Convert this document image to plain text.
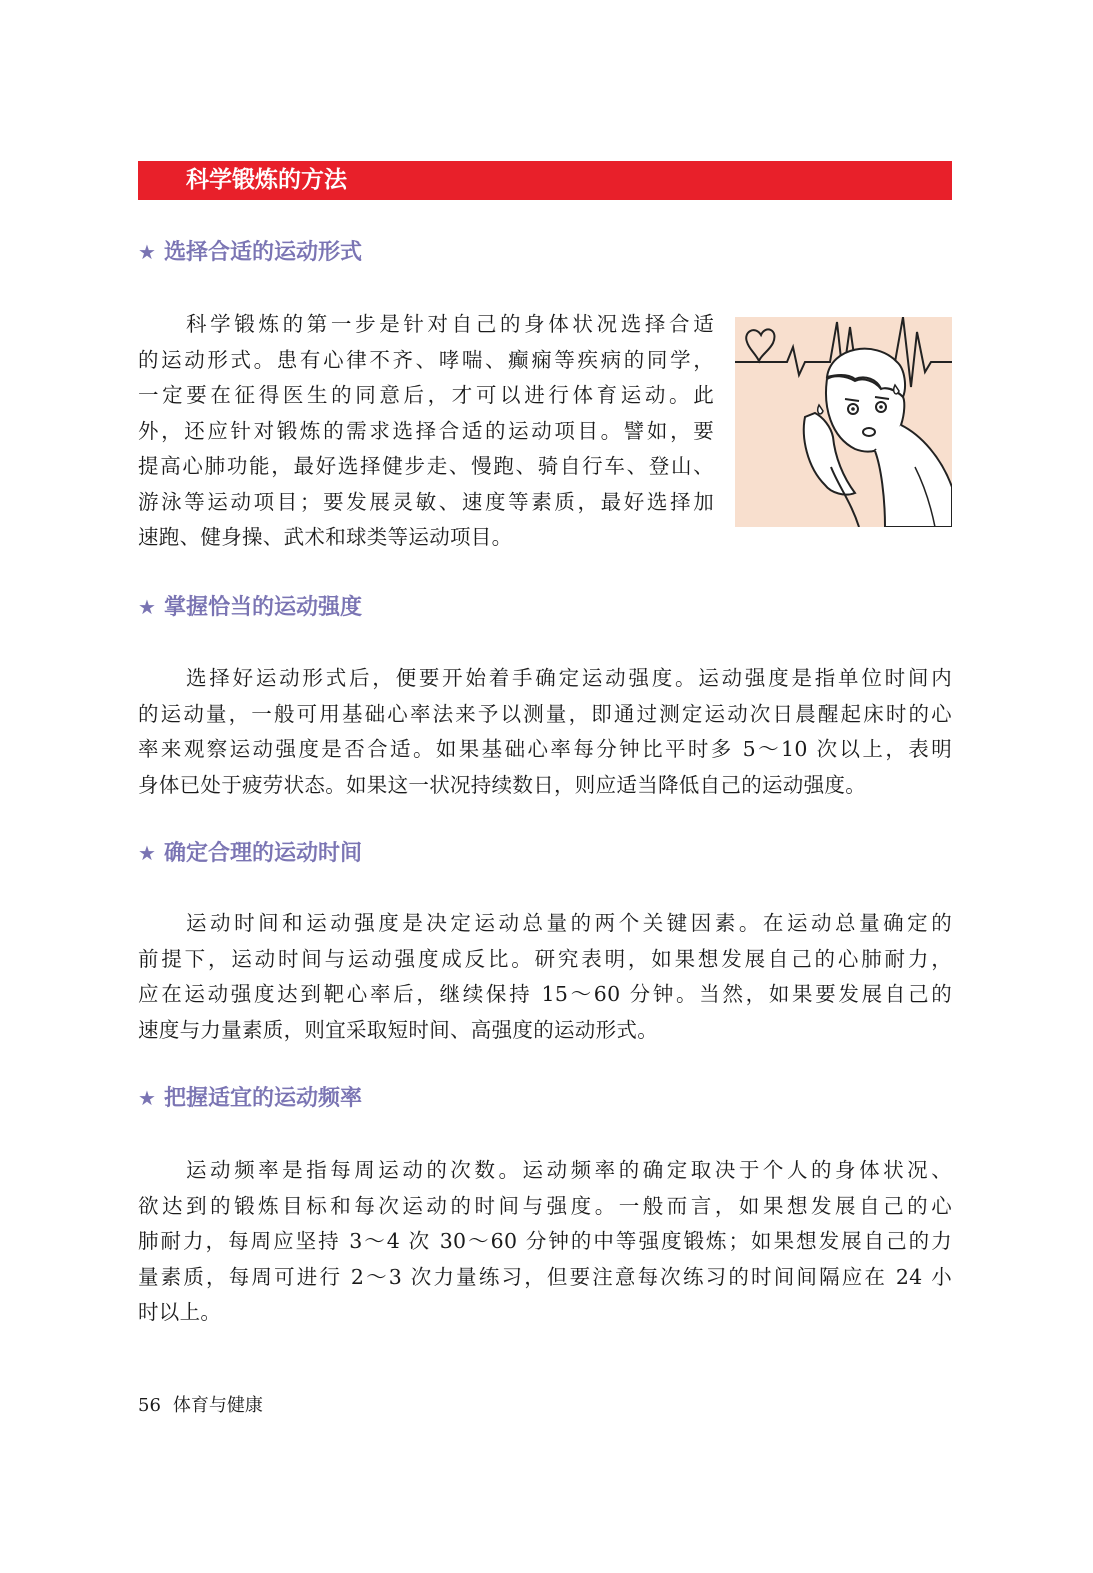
科学锻炼的方法
★ 选择合适的运动形式
科学锻炼的第一步是针对自己的身体状况选择合适
的运动形式。患有心律不齐、哮喘、癫痫等疾病的同学，
一定要在征得医生的同意后，才可以进行体育运动。此
外，还应针对锻炼的需求选择合适的运动项目。譬如，要
提高心肺功能，最好选择健步走、慢跑、骑自行车、登山、
游泳等运动项目；要发展灵敏、速度等素质，最好选择加
速跑、健身操、武术和球类等运动项目。
★ 掌握恰当的运动强度
选择好运动形式后，便要开始着手确定运动强度。运动强度是指单位时间内
的运动量，一般可用基础心率法来予以测量，即通过测定运动次日晨醒起床时的心
率来观察运动强度是否合适。如果基础心率每分钟比平时多 5～10 次以上，表明
身体已处于疲劳状态。如果这一状况持续数日，则应适当降低自己的运动强度。
★ 确定合理的运动时间
运动时间和运动强度是决定运动总量的两个关键因素。在运动总量确定的
前提下，运动时间与运动强度成反比。研究表明，如果想发展自己的心肺耐力，
应在运动强度达到靶心率后，继续保持 15～60 分钟。当然，如果要发展自己的
速度与力量素质，则宜采取短时间、高强度的运动形式。
★ 把握适宜的运动频率
运动频率是指每周运动的次数。运动频率的确定取决于个人的身体状况、
欲达到的锻炼目标和每次运动的时间与强度。一般而言，如果想发展自己的心
肺耐力，每周应坚持 3～4 次 30～60 分钟的中等强度锻炼；如果想发展自己的力
量素质，每周可进行 2～3 次力量练习，但要注意每次练习的时间间隔应在 24 小
时以上。
56 体育与健康
